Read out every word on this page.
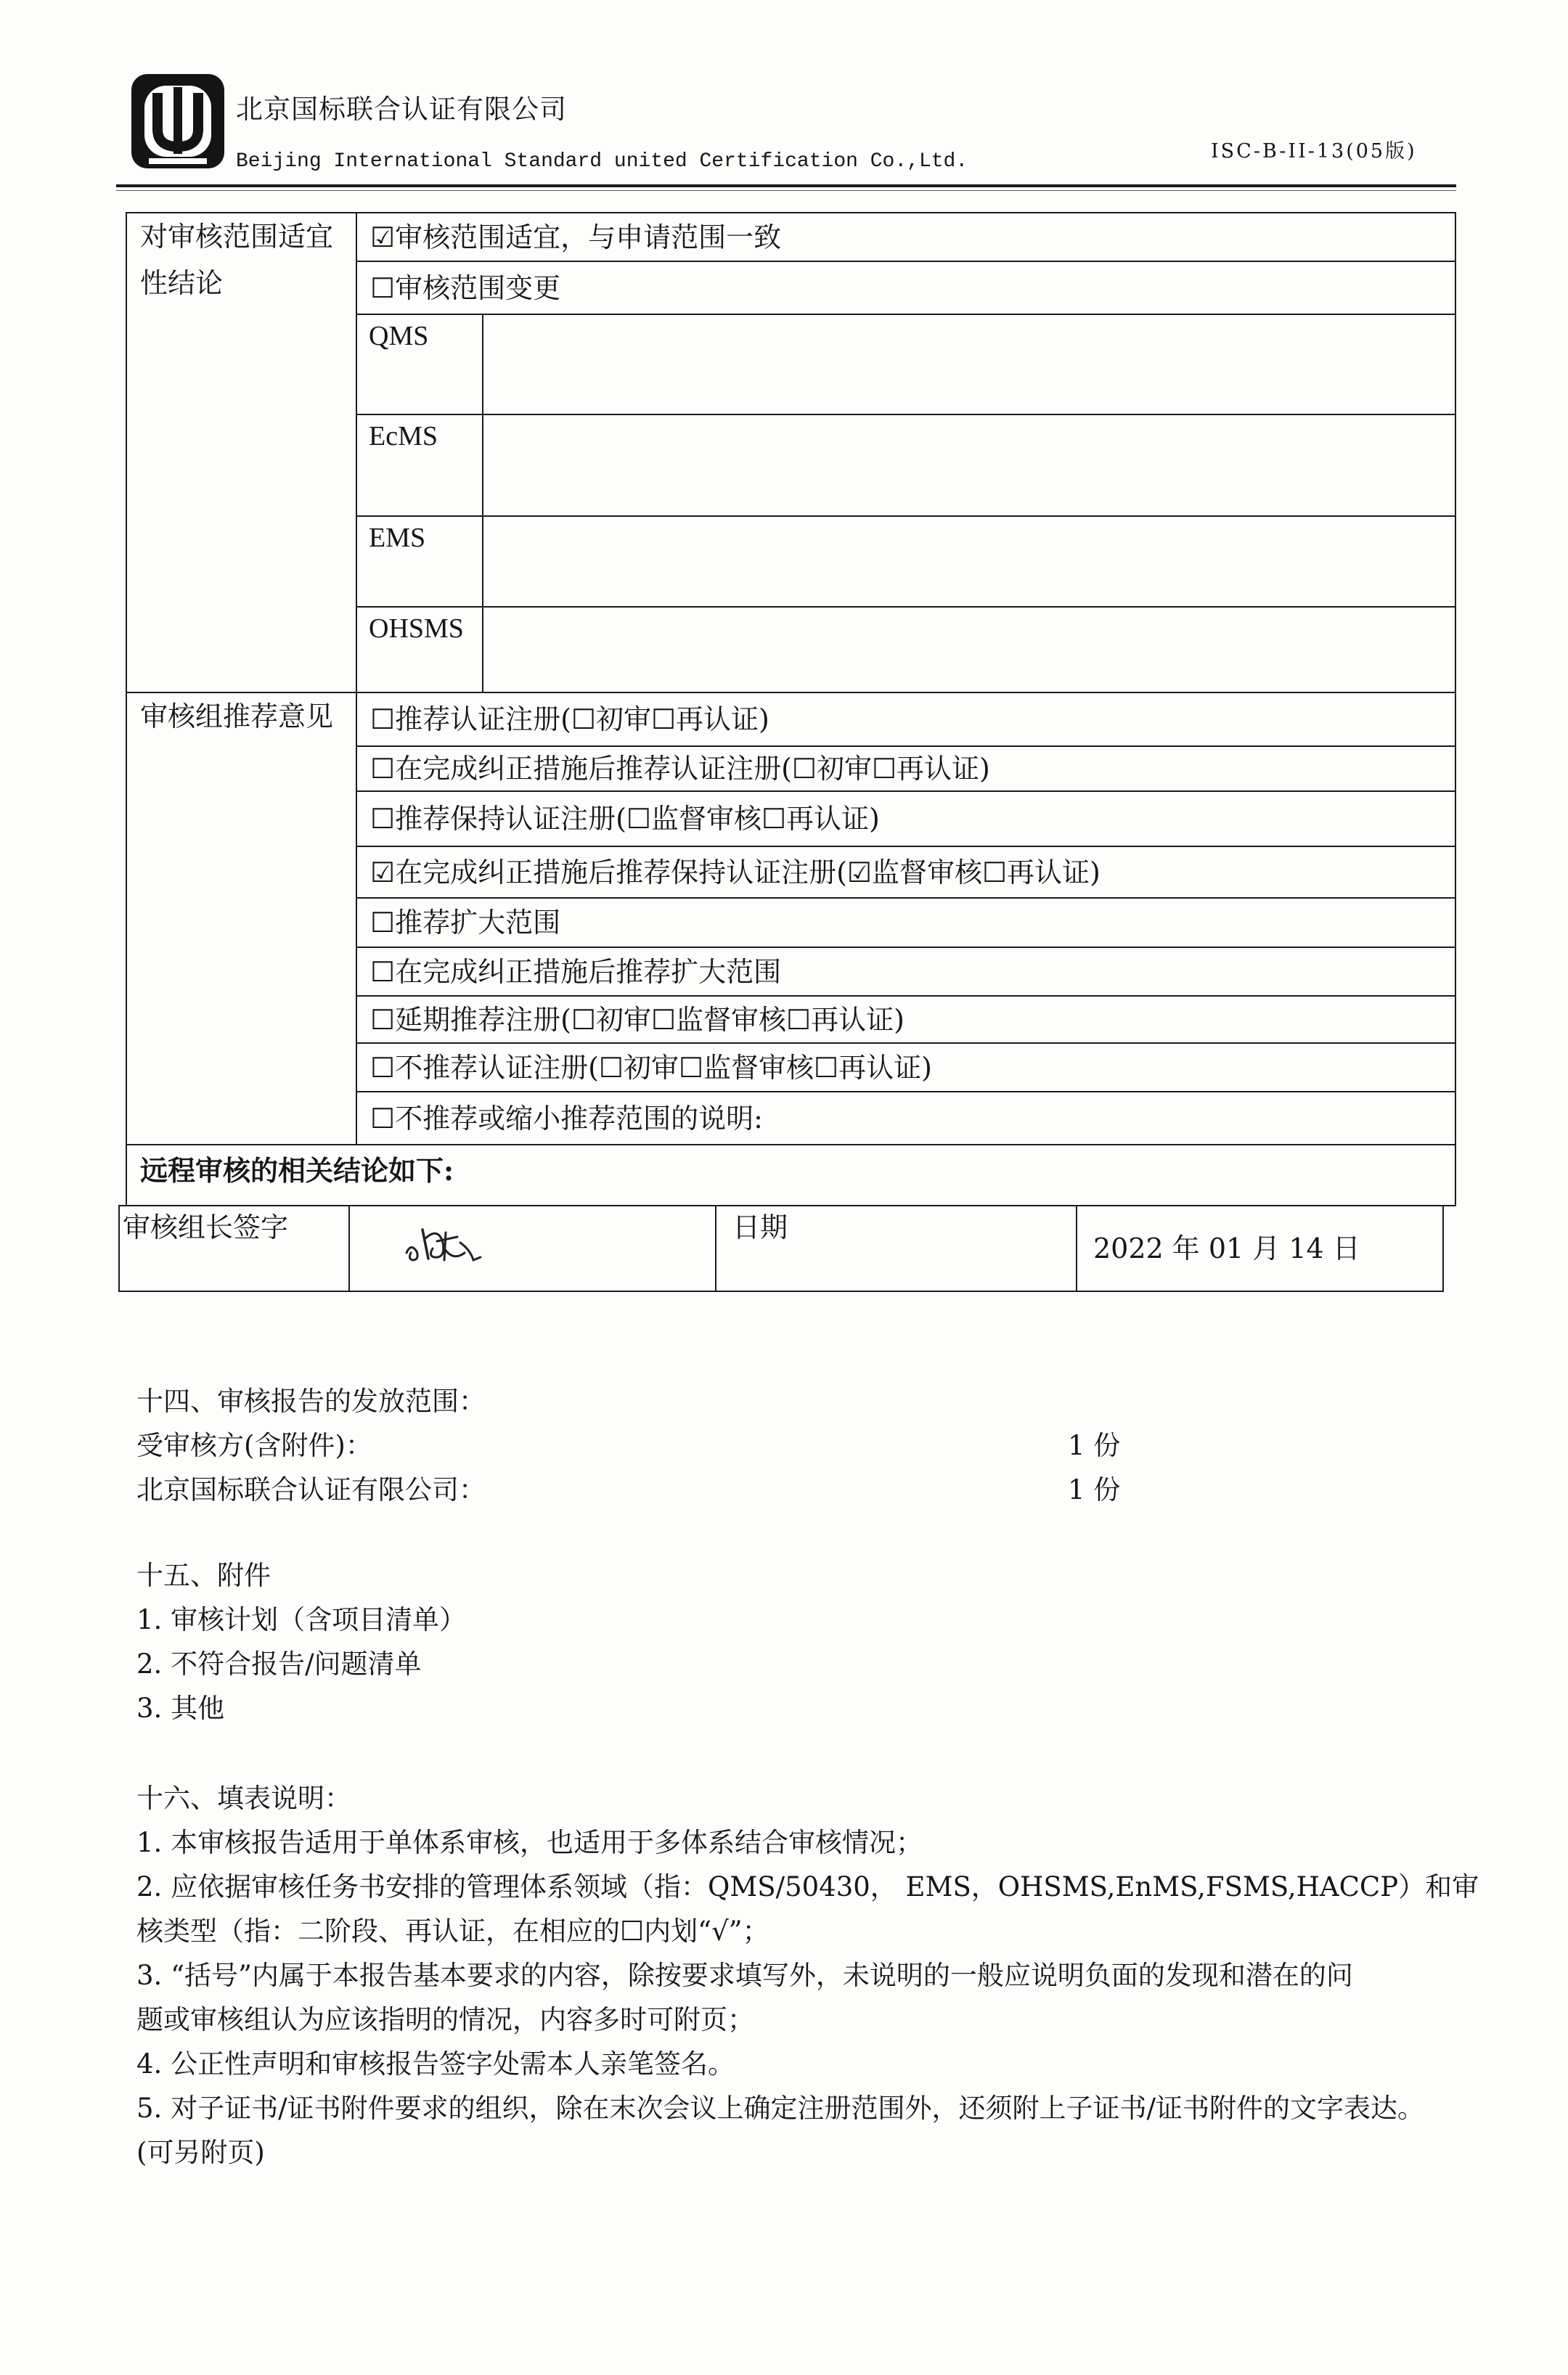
北京国标联合认证有限公司
Beijing International Standard united Certification Co.,Ltd.	ISC-B-II-13(05版)
对审核范围适宜性结论	☑审核范围适宜，与申请范围一致	
	☐审核范围变更	
	QMS	
	EcMS	
	EMS	
	OHSMS	
审核组推荐意见	☐推荐认证注册(☐初审☐再认证)	
	☐在完成纠正措施后推荐认证注册(☐初审☐再认证)	
	☐推荐保持认证注册(☐监督审核☐再认证)	
	☑在完成纠正措施后推荐保持认证注册(☑监督审核☐再认证)	
	☐推荐扩大范围	
	☐在完成纠正措施后推荐扩大范围	
	☐延期推荐注册(☐初审☐监督审核☐再认证)	
	☐不推荐认证注册(☐初审☐监督审核☐再认证)	
	☐不推荐或缩小推荐范围的说明:	
远程审核的相关结论如下:		
审核组长签字		日期	2022 年 01 月 14 日
十四、审核报告的发放范围：
受审核方(含附件)：	1 份
北京国标联合认证有限公司：	1 份
十五、附件
1. 审核计划（含项目清单）
2. 不符合报告/问题清单
3. 其他
十六、填表说明：
1. 本审核报告适用于单体系审核，也适用于多体系结合审核情况；
2. 应依据审核任务书安排的管理体系领域（指：QMS/50430， EMS，OHSMS,EnMS,FSMS,HACCP）和审
核类型（指：二阶段、再认证，在相应的☐内划“√”；
3. “括号”内属于本报告基本要求的内容，除按要求填写外，未说明的一般应说明负面的发现和潜在的问
题或审核组认为应该指明的情况，内容多时可附页；
4. 公正性声明和审核报告签字处需本人亲笔签名。
5. 对子证书/证书附件要求的组织，除在末次会议上确定注册范围外，还须附上子证书/证书附件的文字表达。
(可另附页)
